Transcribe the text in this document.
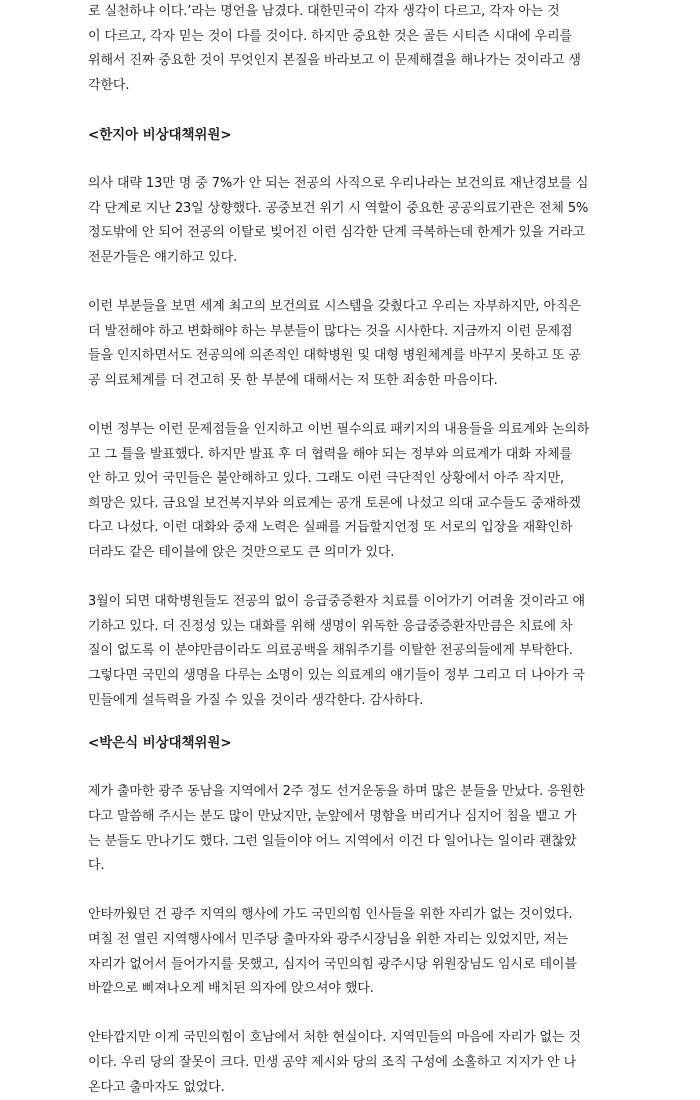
로 실천하냐 이다.’라는 명언을 남겼다. 대한민국이 각자 생각이 다르고, 각자 아는 것
이 다르고, 각자 믿는 것이 다를 것이다. 하지만 중요한 것은 골든 시티즌 시대에 우리를
위해서 진짜 중요한 것이 무엇인지 본질을 바라보고 이 문제해결을 해나가는 것이라고 생
각한다.

<한지아 비상대책위원>

의사 대략 13만 명 중 7%가 안 되는 전공의 사직으로 우리나라는 보건의료 재난경보를 심
각 단계로 지난 23일 상향했다. 공중보건 위기 시 역할이 중요한 공공의료기관은 전체 5%
정도밖에 안 되어 전공의 이탈로 빚어진 이런 심각한 단계 극복하는데 한계가 있을 거라고
전문가들은 얘기하고 있다.

이런 부분들을 보면 세계 최고의 보건의료 시스템을 갖췄다고 우리는 자부하지만, 아직은
더 발전해야 하고 변화해야 하는 부분들이 많다는 것을 시사한다. 지금까지 이런 문제점
들을 인지하면서도 전공의에 의존적인 대학병원 및 대형 병원체계를 바꾸지 못하고 또 공
공 의료체계를 더 견고히 못 한 부분에 대해서는 저 또한 죄송한 마음이다.

이번 정부는 이런 문제점들을 인지하고 이번 필수의료 패키지의 내용들을 의료계와 논의하
고 그 틀을 발표했다. 하지만 발표 후 더 협력을 해야 되는 정부와 의료계가 대화 자체를
안 하고 있어 국민들은 불안해하고 있다. 그래도 이런 극단적인 상황에서 아주 작지만,
희망은 있다. 금요일 보건복지부와 의료계는 공개 토론에 나섰고 의대 교수들도 중재하겠
다고 나섰다. 이런 대화와 중재 노력은 실패를 거듭할지언정 또 서로의 입장을 재확인하
더라도 같은 테이블에 앉은 것만으로도 큰 의미가 있다.

3월이 되면 대학병원들도 전공의 없이 응급중증환자 치료를 이어가기 어려울 것이라고 얘
기하고 있다. 더 진정성 있는 대화를 위해 생명이 위독한 응급중증환자만큼은 치료에 차
질이 없도록 이 분야만큼이라도 의료공백을 채워주기를 이탈한 전공의들에게 부탁한다.
그렇다면 국민의 생명을 다루는 소명이 있는 의료계의 얘기들이 정부 그리고 더 나아가 국
민들에게 설득력을 가질 수 있을 것이라 생각한다. 감사하다.

<박은식 비상대책위원>

제가 출마한 광주 동남을 지역에서 2주 정도 선거운동을 하며 많은 분들을 만났다. 응원한
다고 말씀해 주시는 분도 많이 만났지만, 눈앞에서 명함을 버리거나 심지어 침을 뱉고 가
는 분들도 만나기도 했다. 그런 일들이야 어느 지역에서 이건 다 일어나는 일이라 괜찮았
다.

안타까웠던 건 광주 지역의 행사에 가도 국민의힘 인사들을 위한 자리가 없는 것이었다.
며칠 전 열린 지역행사에서 민주당 출마자와 광주시장님을 위한 자리는 있었지만, 저는
자리가 없어서 들어가지를 못했고, 심지어 국민의힘 광주시당 위원장님도 임시로 테이블
바깥으로 삐져나오게 배치된 의자에 앉으셔야 했다.

안타깝지만 이게 국민의힘이 호남에서 처한 현실이다. 지역민들의 마음에 자리가 없는 것
이다. 우리 당의 잘못이 크다. 민생 공약 제시와 당의 조직 구성에 소홀하고 지지가 안 나
온다고 출마자도 없었다.
